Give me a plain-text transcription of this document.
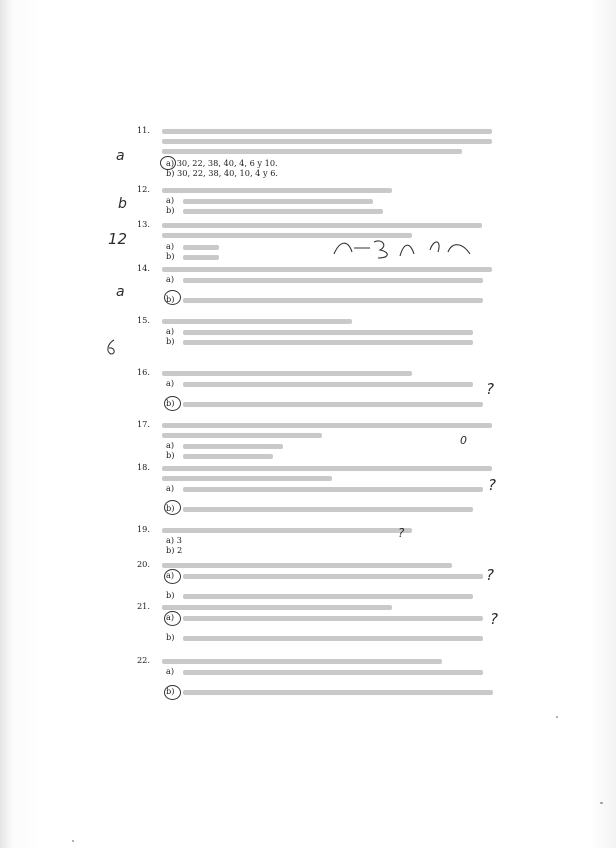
11.
a) 30, 22, 38, 40, 4, 6 y 10.
b) 30, 22, 38, 40, 10, 4 y 6.
a
12.
a)
b)
b
13.
a)
b)
12
14.
a)
b)
a
15.
a)
b)
16.
a)
b)
?
17.
a)
b)
0
18.
a)
b)
?
19.
a) 3
b) 2
?
20.
a)
b)
?
21.
a)
b)
?
22.
a)
b)
